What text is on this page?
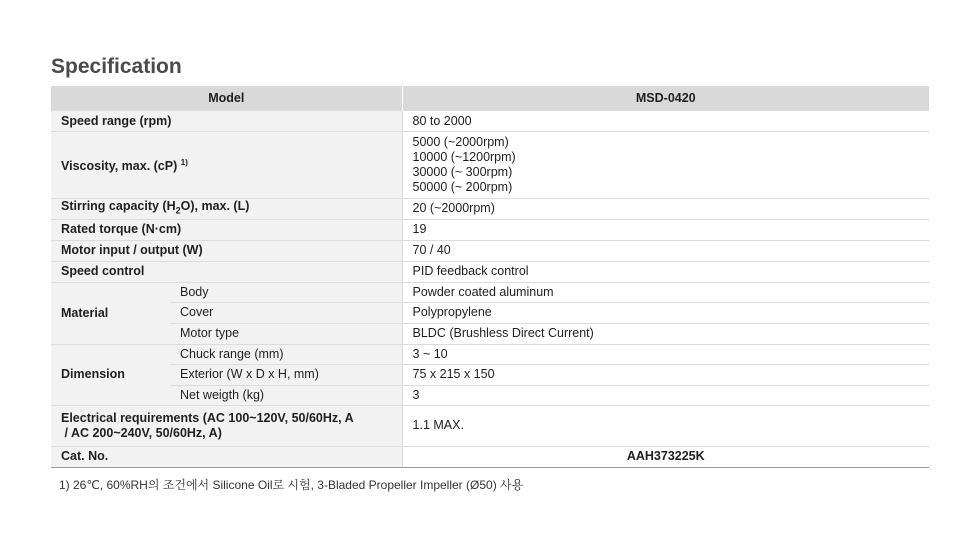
Specification
Model		MSD-0420
Speed range (rpm)		80 to 2000
Viscosity, max. (cP) $^{1)}$		5000 (~2000rpm)
10000 (~1200rpm)
30000 (~ 300rpm)
50000 (~ 200rpm)

Stirring capacity $(H_2O)$, max. (L)		20 (~2000rpm)
Rated torque (N·cm)		19
Motor input / output (W)		70 / 40
Speed control		PID feedback control
Material	Body	Powder coated aluminum
	Cover	Polypropylene
	Motor type	BLDC (Brushless Direct Current)
Dimension	Chuck range (mm)	3 ~ 10
	Exterior (W x D x H, mm)	75 x 215 x 150
	Net weigth (kg)	3

Electrical requirements (AC 100~120V, 50/60Hz, A
/ AC 200~240V, 50/60Hz, A)		1.1 MAX.
Cat. No.		AAH373225K
1) 26℃, 60%RH의 조건에서 Silicone Oil로 시험, 3-Bladed Propeller Impeller (Ø50) 사용
